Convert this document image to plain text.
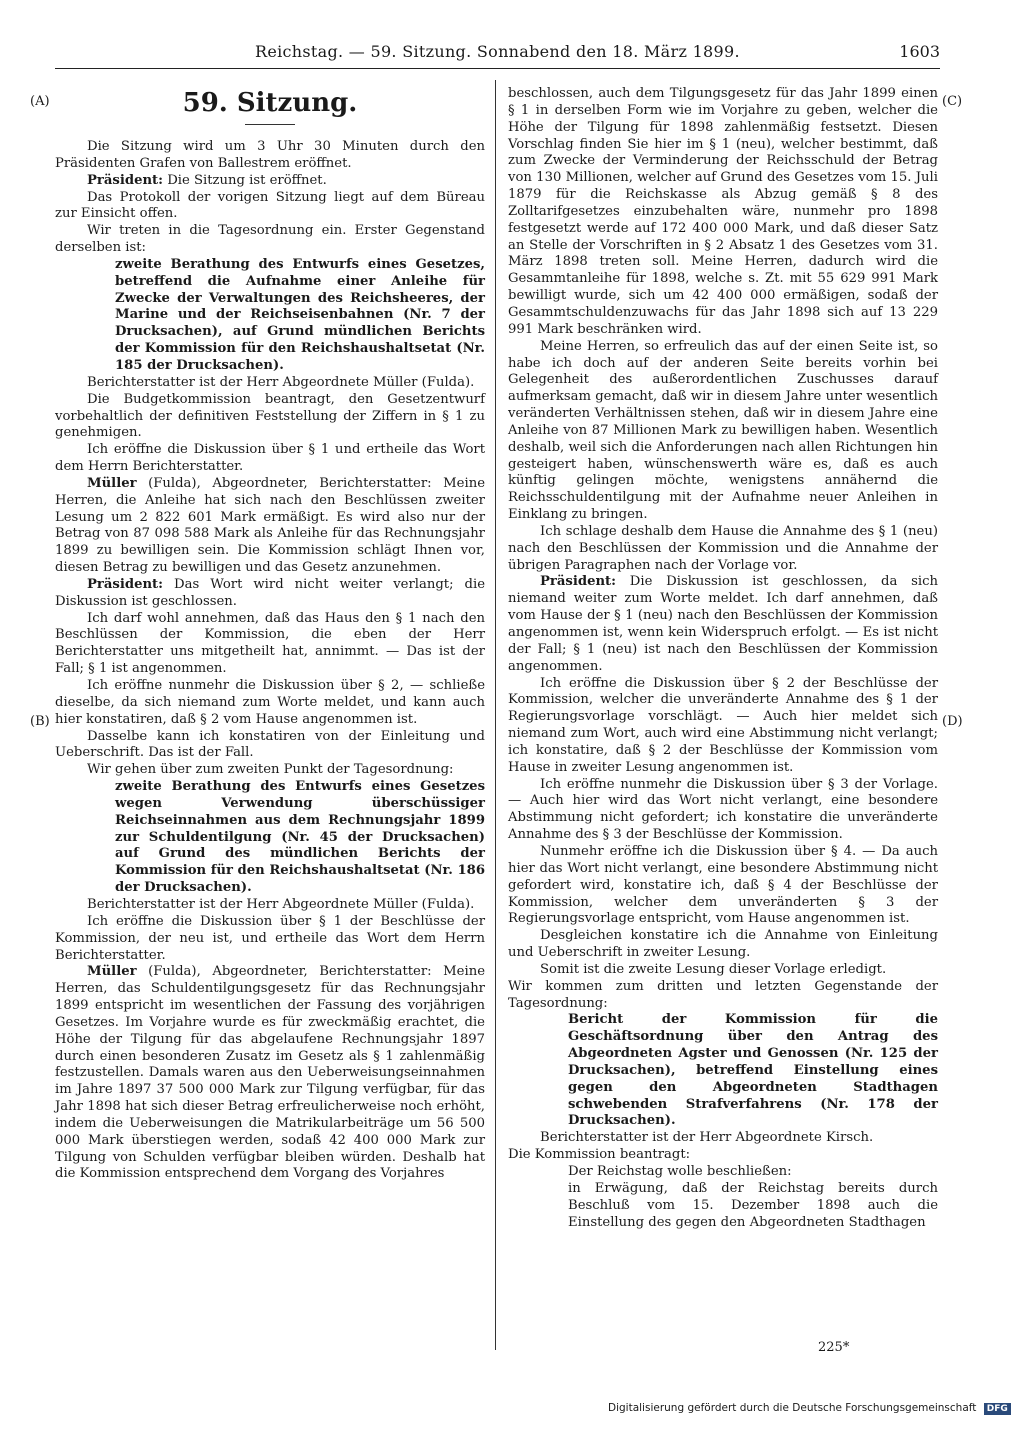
Reichstag. — 59. Sitzung. Sonnabend den 18. März 1899.	1603
(A)
(B)
(C)
(D)
59. Sitzung.

Die Sitzung wird um 3 Uhr 30 Minuten durch den Präsidenten Grafen von Ballestrem eröffnet.

Präsident: Die Sitzung ist eröffnet.

Das Protokoll der vorigen Sitzung liegt auf dem Büreau zur Einsicht offen.

Wir treten in die Tagesordnung ein. Erster Gegenstand derselben ist:

zweite Berathung des Entwurfs eines Gesetzes, betreffend die Aufnahme einer Anleihe für Zwecke der Verwaltungen des Reichsheeres, der Marine und der Reichseisenbahnen (Nr. 7 der Drucksachen), auf Grund mündlichen Berichts der Kommission für den Reichshaushaltsetat (Nr. 185 der Drucksachen).

Berichterstatter ist der Herr Abgeordnete Müller (Fulda).

Die Budgetkommission beantragt, den Gesetzentwurf vorbehaltlich der definitiven Feststellung der Ziffern in § 1 zu genehmigen.

Ich eröffne die Diskussion über § 1 und ertheile das Wort dem Herrn Berichterstatter.

Müller (Fulda), Abgeordneter, Berichterstatter: Meine Herren, die Anleihe hat sich nach den Beschlüssen zweiter Lesung um 2 822 601 Mark ermäßigt. Es wird also nur der Betrag von 87 098 588 Mark als Anleihe für das Rechnungsjahr 1899 zu bewilligen sein. Die Kommission schlägt Ihnen vor, diesen Betrag zu bewilligen und das Gesetz anzunehmen.

Präsident: Das Wort wird nicht weiter verlangt; die Diskussion ist geschlossen.

Ich darf wohl annehmen, daß das Haus den § 1 nach den Beschlüssen der Kommission, die eben der Herr Berichterstatter uns mitgetheilt hat, annimmt. — Das ist der Fall; § 1 ist angenommen.

Ich eröffne nunmehr die Diskussion über § 2, — schließe dieselbe, da sich niemand zum Worte meldet, und kann auch hier konstatiren, daß § 2 vom Hause angenommen ist.

Dasselbe kann ich konstatiren von der Einleitung und Ueberschrift. Das ist der Fall.

Wir gehen über zum zweiten Punkt der Tagesordnung:

zweite Berathung des Entwurfs eines Gesetzes wegen Verwendung überschüssiger Reichseinnahmen aus dem Rechnungsjahr 1899 zur Schuldentilgung (Nr. 45 der Drucksachen) auf Grund des mündlichen Berichts der Kommission für den Reichshaushaltsetat (Nr. 186 der Drucksachen).

Berichterstatter ist der Herr Abgeordnete Müller (Fulda).

Ich eröffne die Diskussion über § 1 der Beschlüsse der Kommission, der neu ist, und ertheile das Wort dem Herrn Berichterstatter.

Müller (Fulda), Abgeordneter, Berichterstatter: Meine Herren, das Schuldentilgungsgesetz für das Rechnungsjahr 1899 entspricht im wesentlichen der Fassung des vorjährigen Gesetzes. Im Vorjahre wurde es für zweckmäßig erachtet, die Höhe der Tilgung für das abgelaufene Rechnungsjahr 1897 durch einen besonderen Zusatz im Gesetz als § 1 zahlenmäßig festzustellen. Damals waren aus den Ueberweisungseinnahmen im Jahre 1897 37 500 000 Mark zur Tilgung verfügbar, für das Jahr 1898 hat sich dieser Betrag erfreulicherweise noch erhöht, indem die Ueberweisungen die Matrikularbeiträge um 56 500 000 Mark überstiegen werden, sodaß 42 400 000 Mark zur Tilgung von Schulden verfügbar bleiben würden. Deshalb hat die Kommission entsprechend dem Vorgang des Vorjahres

beschlossen, auch dem Tilgungsgesetz für das Jahr 1899 einen § 1 in derselben Form wie im Vorjahre zu geben, welcher die Höhe der Tilgung für 1898 zahlenmäßig festsetzt. Diesen Vorschlag finden Sie hier im § 1 (neu), welcher bestimmt, daß zum Zwecke der Verminderung der Reichsschuld der Betrag von 130 Millionen, welcher auf Grund des Gesetzes vom 15. Juli 1879 für die Reichskasse als Abzug gemäß § 8 des Zolltarifgesetzes einzubehalten wäre, nunmehr pro 1898 festgesetzt werde auf 172 400 000 Mark, und daß dieser Satz an Stelle der Vorschriften in § 2 Absatz 1 des Gesetzes vom 31. März 1898 treten soll. Meine Herren, dadurch wird die Gesammtanleihe für 1898, welche s. Zt. mit 55 629 991 Mark bewilligt wurde, sich um 42 400 000 ermäßigen, sodaß der Gesammtschuldenzuwachs für das Jahr 1898 sich auf 13 229 991 Mark beschränken wird.

Meine Herren, so erfreulich das auf der einen Seite ist, so habe ich doch auf der anderen Seite bereits vorhin bei Gelegenheit des außerordentlichen Zuschusses darauf aufmerksam gemacht, daß wir in diesem Jahre unter wesentlich veränderten Verhältnissen stehen, daß wir in diesem Jahre eine Anleihe von 87 Millionen Mark zu bewilligen haben. Wesentlich deshalb, weil sich die Anforderungen nach allen Richtungen hin gesteigert haben, wünschenswerth wäre es, daß es auch künftig gelingen möchte, wenigstens annähernd die Reichsschuldentilgung mit der Aufnahme neuer Anleihen in Einklang zu bringen.

Ich schlage deshalb dem Hause die Annahme des § 1 (neu) nach den Beschlüssen der Kommission und die Annahme der übrigen Paragraphen nach der Vorlage vor.

Präsident: Die Diskussion ist geschlossen, da sich niemand weiter zum Worte meldet. Ich darf annehmen, daß vom Hause der § 1 (neu) nach den Beschlüssen der Kommission angenommen ist, wenn kein Widerspruch erfolgt. — Es ist nicht der Fall; § 1 (neu) ist nach den Beschlüssen der Kommission angenommen.

Ich eröffne die Diskussion über § 2 der Beschlüsse der Kommission, welcher die unveränderte Annahme des § 1 der Regierungsvorlage vorschlägt. — Auch hier meldet sich niemand zum Wort, auch wird eine Abstimmung nicht verlangt; ich konstatire, daß § 2 der Beschlüsse der Kommission vom Hause in zweiter Lesung angenommen ist.

Ich eröffne nunmehr die Diskussion über § 3 der Vorlage. — Auch hier wird das Wort nicht verlangt, eine besondere Abstimmung nicht gefordert; ich konstatire die unveränderte Annahme des § 3 der Beschlüsse der Kommission.

Nunmehr eröffne ich die Diskussion über § 4. — Da auch hier das Wort nicht verlangt, eine besondere Abstimmung nicht gefordert wird, konstatire ich, daß § 4 der Beschlüsse der Kommission, welcher dem unveränderten § 3 der Regierungsvorlage entspricht, vom Hause angenommen ist.

Desgleichen konstatire ich die Annahme von Einleitung und Ueberschrift in zweiter Lesung.

Somit ist die zweite Lesung dieser Vorlage erledigt.

Wir kommen zum dritten und letzten Gegenstande der Tagesordnung:

Bericht der Kommission für die Geschäftsordnung über den Antrag des Abgeordneten Agster und Genossen (Nr. 125 der Drucksachen), betreffend Einstellung eines gegen den Abgeordneten Stadthagen schwebenden Strafverfahrens (Nr. 178 der Drucksachen).

Berichterstatter ist der Herr Abgeordnete Kirsch.

Die Kommission beantragt:

Der Reichstag wolle beschließen:

in Erwägung, daß der Reichstag bereits durch Beschluß vom 15. Dezember 1898 auch die Einstellung des gegen den Abgeordneten Stadthagen

225*
Digitalisierung gefördert durch die Deutsche Forschungsgemeinschaft DFG
